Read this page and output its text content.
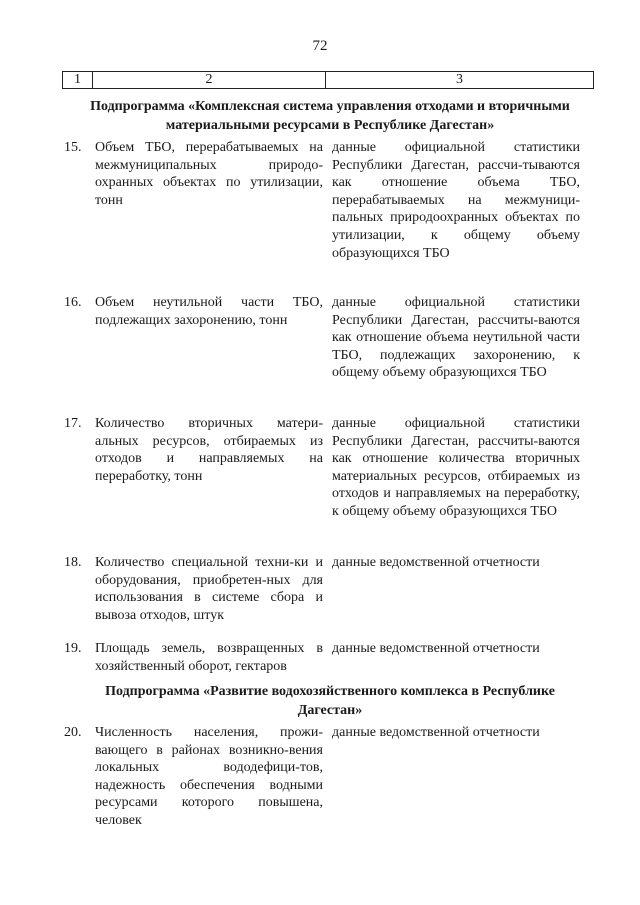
72
1	2	3
Подпрограмма «Комплексная система управления отходами и вторичными материальными ресурсами в Республике Дагестан»
15. Объем ТБО, перерабатываемых на межмуниципальных природо-охранных объектах по утилизации, тонн
данные официальной статистики Республики Дагестан, рассчи-тываются как отношение объема ТБО, перерабатываемых на межмуници-пальных природоохранных объектах по утилизации, к общему объему образующихся ТБО
16. Объем неутильной части ТБО, подлежащих захоронению, тонн
данные официальной статистики Республики Дагестан, рассчиты-ваются как отношение объема неутильной части ТБО, подлежащих захоронению, к общему объему образующихся ТБО
17. Количество вторичных матери-альных ресурсов, отбираемых из отходов и направляемых на переработку, тонн
данные официальной статистики Республики Дагестан, рассчиты-ваются как отношение количества вторичных материальных ресурсов, отбираемых из отходов и направляемых на переработку, к общему объему образующихся ТБО
18. Количество специальной техни-ки и оборудования, приобретен-ных для использования в системе сбора и вывоза отходов, штук
данные ведомственной отчетности
19. Площадь земель, возвращенных в хозяйственный оборот, гектаров
данные ведомственной отчетности
Подпрограмма «Развитие водохозяйственного комплекса в Республике Дагестан»
20. Численность населения, прожи-вающего в районах возникно-вения локальных вододефици-тов, надежность обеспечения водными ресурсами которого повышена, человек
данные ведомственной отчетности
